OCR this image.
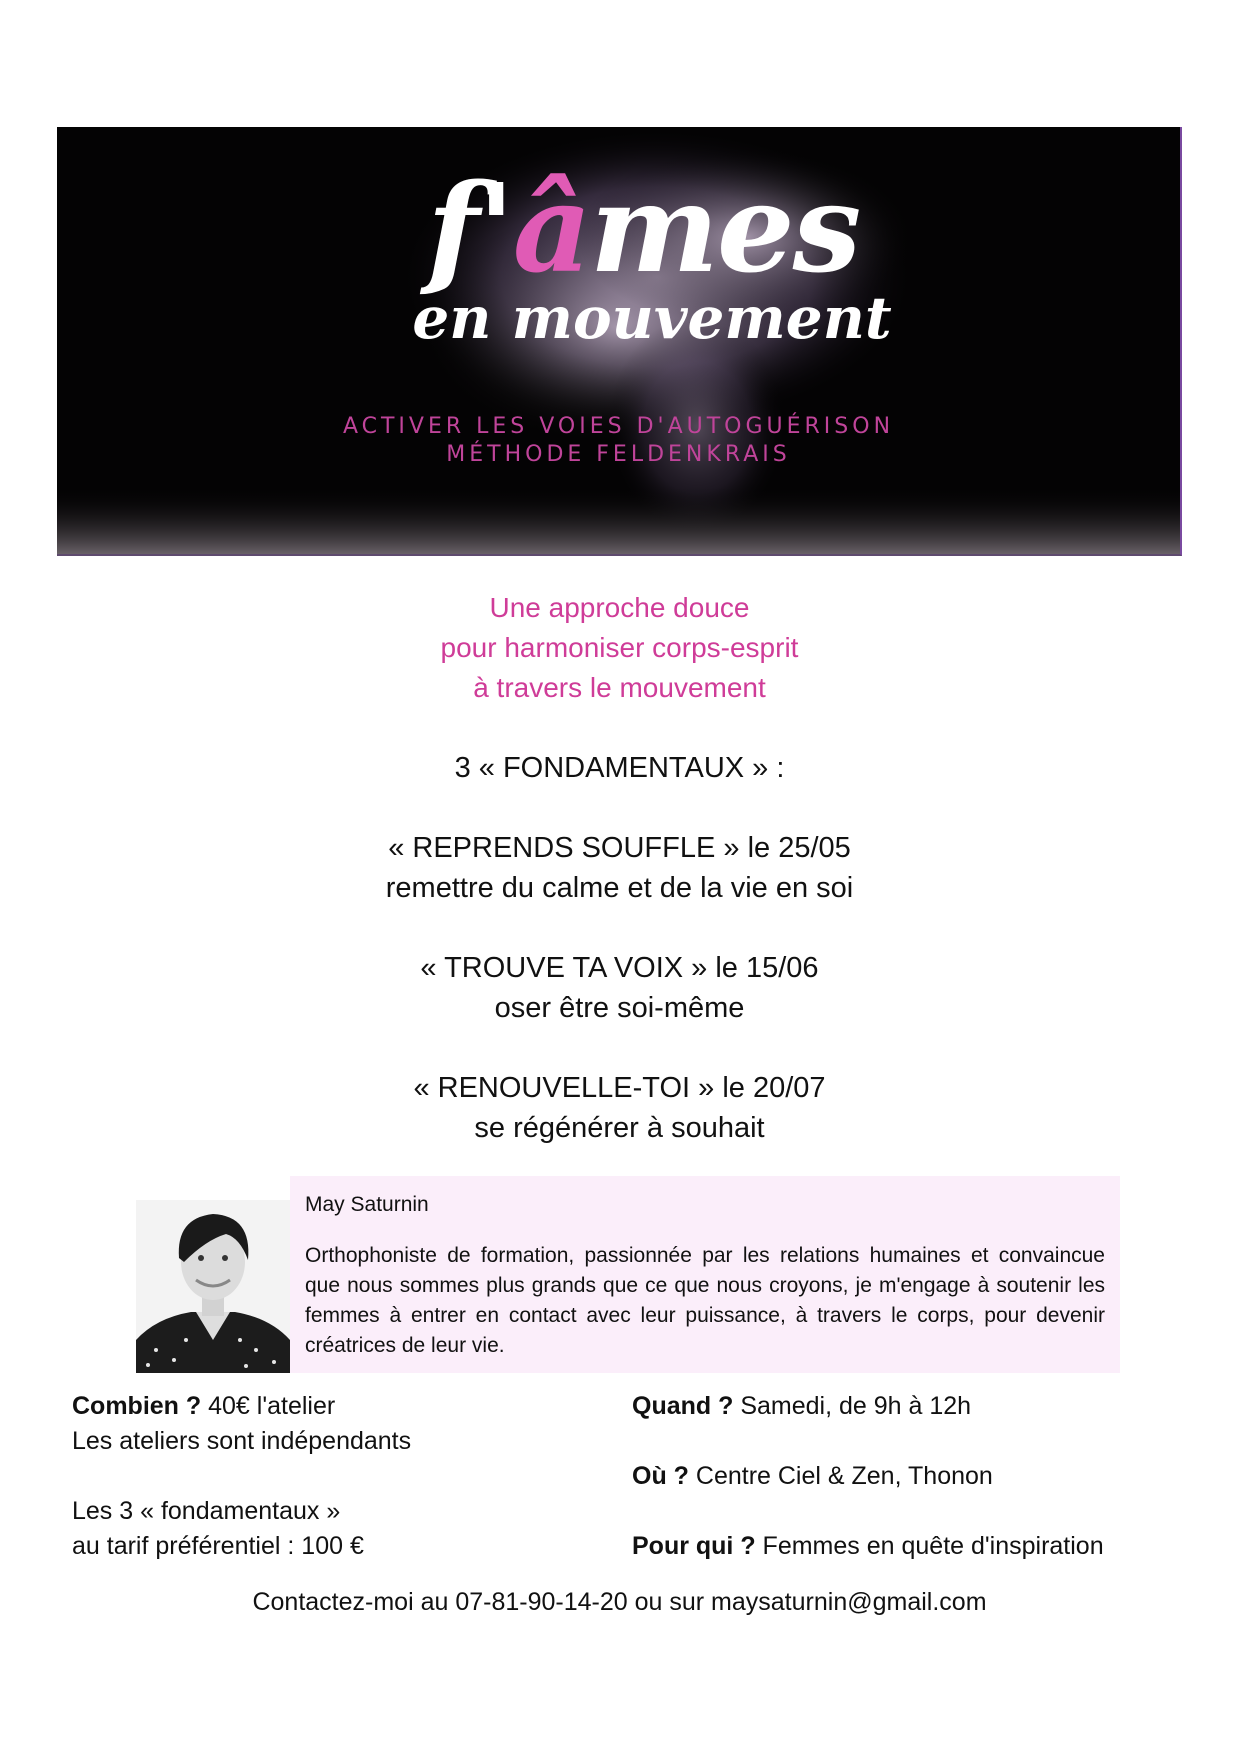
f'âmes
en mouvement
ACTIVER LES VOIES D'AUTOGUÉRISON
MÉTHODE FELDENKRAIS
Une approche douce
pour harmoniser corps-esprit
à travers le mouvement
3 « FONDAMENTAUX » :
« REPRENDS SOUFFLE » le 25/05
remettre du calme et de la vie en soi
« TROUVE TA VOIX » le 15/06
oser être soi-même
« RENOUVELLE-TOI » le 20/07
se régénérer à souhait
May Saturnin
Orthophoniste de formation, passionnée par les relations humaines et convaincue que nous sommes plus grands que ce que nous croyons, je m'engage à soutenir les femmes à entrer en contact avec leur puissance, à travers le corps, pour devenir créatrices de leur vie.
Combien ? 40€ l'atelier
Les ateliers sont indépendants
Les 3 « fondamentaux »
au tarif préférentiel : 100 €
Quand ? Samedi, de 9h à 12h
Où ? Centre Ciel & Zen, Thonon
Pour qui ? Femmes en quête d'inspiration
Contactez-moi au 07-81-90-14-20 ou sur maysaturnin@gmail.com
